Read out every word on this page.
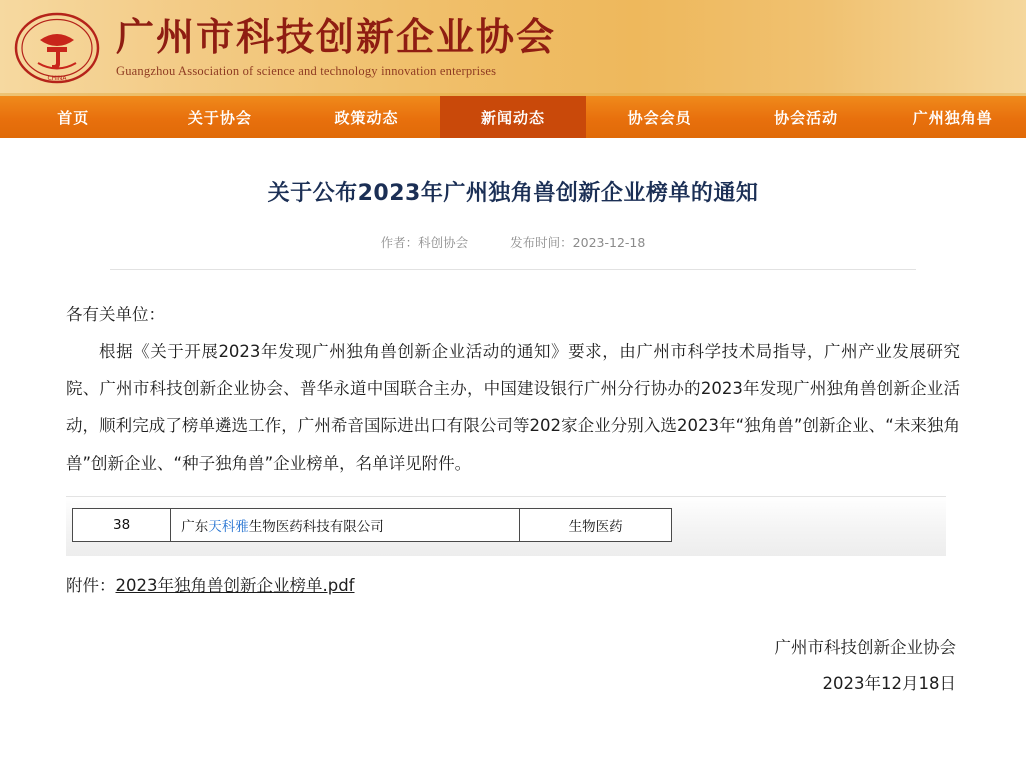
CHINA
广州市科技创新企业协会
Guangzhou Association of science and technology innovation enterprises
首页	关于协会	政策动态	新闻动态	协会会员	协会活动	广州独角兽
关于公布2023年广州独角兽创新企业榜单的通知
作者：科创协会	发布时间：2023-12-18

各有关单位：

根据《关于开展2023年发现广州独角兽创新企业活动的通知》要求，由广州市科学技术局指导，广州产业发展研究院、广州市科技创新企业协会、普华永道中国联合主办，中国建设银行广州分行协办的2023年发现广州独角兽创新企业活动，顺利完成了榜单遴选工作，广州希音国际进出口有限公司等202家企业分别入选2023年“独角兽”创新企业、“未来独角兽”创新企业、“种子独角兽”企业榜单，名单详见附件。

38	广东天科雅生物医药科技有限公司	生物医药
附件：2023年独角兽创新企业榜单.pdf
广州市科技创新企业协会
2023年12月18日
